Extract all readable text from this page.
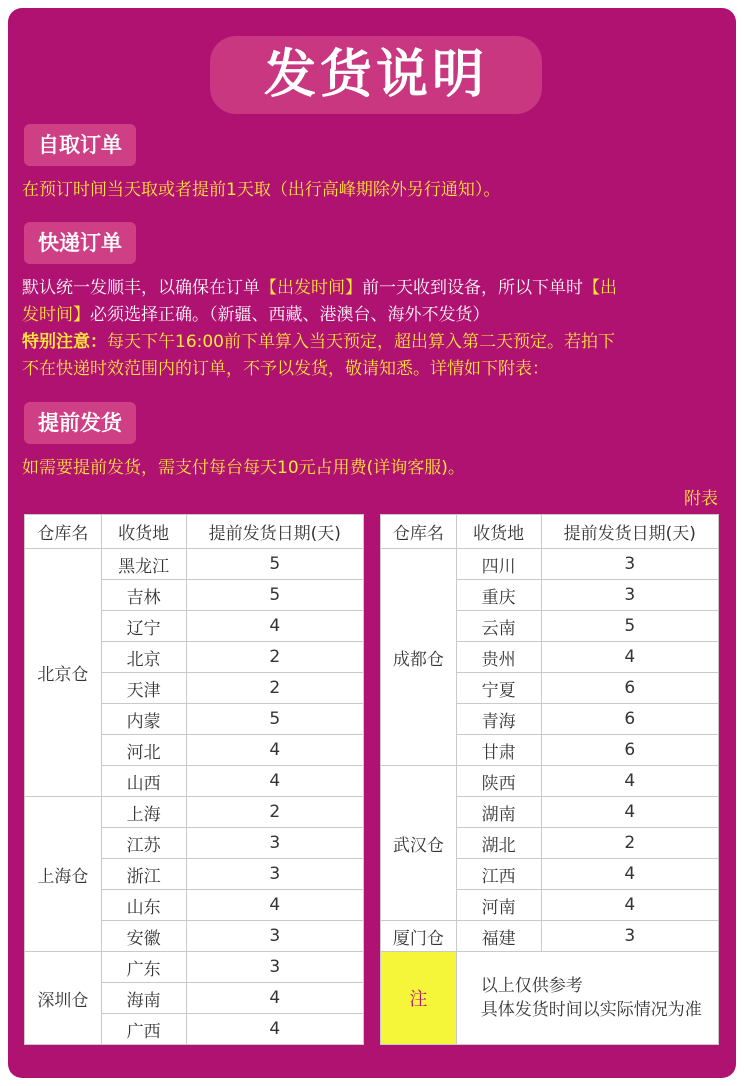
发货说明
自取订单
在预订时间当天取或者提前1天取（出行高峰期除外另行通知）。
快递订单
默认统一发顺丰，以确保在订单【出发时间】前一天收到设备，所以下单时【出
发时间】必须选择正确。（新疆、西藏、港澳台、海外不发货）
特别注意：每天下午16:00前下单算入当天预定，超出算入第二天预定。若拍下
不在快递时效范围内的订单，不予以发货，敬请知悉。详情如下附表：
提前发货
如需要提前发货，需支付每台每天10元占用费(详询客服)。
附表
仓库名	收货地	提前发货日期(天)
北京仓	黑龙江	5
	吉林	5
	辽宁	4
	北京	2
	天津	2
	内蒙	5
	河北	4
	山西	4
上海仓	上海	2
	江苏	3
	浙江	3
	山东	4
	安徽	3
深圳仓	广东	3
	海南	4
	广西	4
仓库名	收货地	提前发货日期(天)
成都仓	四川	3
	重庆	3
	云南	5
	贵州	4
	宁夏	6
	青海	6
	甘肃	6
武汉仓	陕西	4
	湖南	4
	湖北	2
	江西	4
	河南	4
厦门仓	福建	3
注	以上仅供参考
具体发货时间以实际情况为准	
